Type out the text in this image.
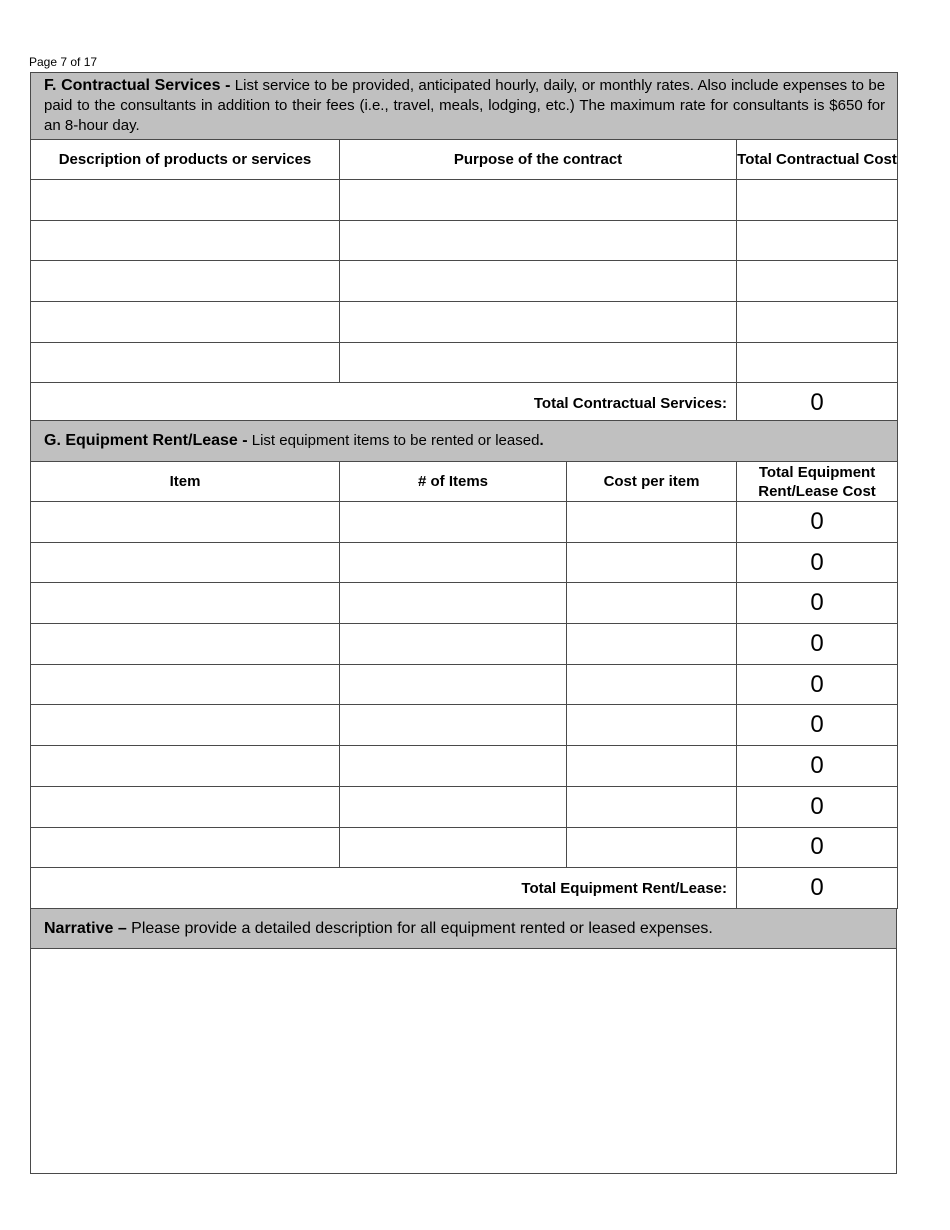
Page 7 of 17
F. Contractual Services - List service to be provided, anticipated hourly, daily, or monthly rates. Also include expenses to be paid to the consultants in addition to their fees (i.e., travel, meals, lodging, etc.) The maximum rate for consultants is $650 for an 8-hour day.		
Description of products or services	Purpose of the contract	Total Contractual Cost

Total Contractual Services:		0
G. Equipment Rent/Lease - List equipment items to be rented or leased.			
Item	# of Items	Cost per item	Total Equipment Rent/Lease Cost
			0
			0
			0
			0
			0
			0
			0
			0
			0
Total Equipment Rent/Lease:			0
Narrative – Please provide a detailed description for all equipment rented or leased expenses.
